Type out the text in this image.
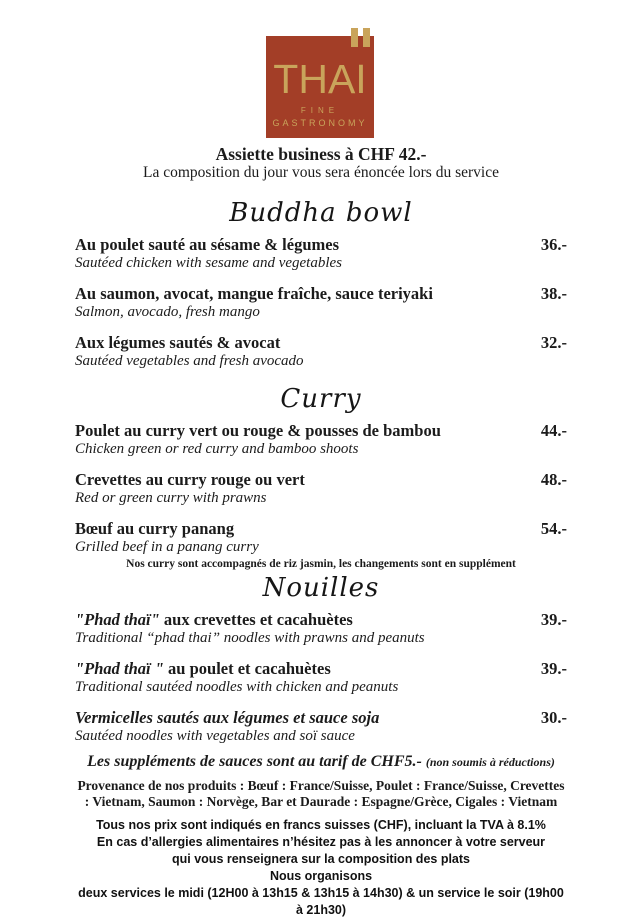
THAI
FINE
GASTRONOMY
Assiette business à CHF 42.-
La composition du jour vous sera énoncée lors du service
Buddha bowl
Au poulet sauté au sésame & légumes	36.-
Sautéed chicken with sesame and vegetables
Au saumon, avocat, mangue fraîche, sauce teriyaki	38.-
Salmon, avocado, fresh mango
Aux légumes sautés & avocat	32.-
Sautéed vegetables and fresh avocado
Curry
Poulet au curry vert ou rouge & pousses de bambou	44.-
Chicken green or red curry and bamboo shoots
Crevettes au curry rouge ou vert	48.-
Red or green curry with prawns
Bœuf au curry panang	54.-
Grilled beef in a panang curry
Nos curry sont accompagnés de riz jasmin, les changements sont en supplément
Nouilles
"Phad thaï" aux crevettes et cacahuètes	39.-
Traditional “phad thai” noodles with prawns and peanuts
"Phad thaï " au poulet et cacahuètes	39.-
Traditional sautéed noodles with chicken and peanuts
Vermicelles sautés aux légumes et sauce soja	30.-
Sautéed noodles with vegetables and soï sauce
Les suppléments de sauces sont au tarif de CHF5.- (non soumis à réductions)
Provenance de nos produits : Bœuf : France/Suisse, Poulet : France/Suisse, Crevettes : Vietnam, Saumon : Norvège, Bar et Daurade : Espagne/Grèce, Cigales : Vietnam
Tous nos prix sont indiqués en francs suisses (CHF), incluant la TVA à 8.1%
En cas d’allergies alimentaires n’hésitez pas à les annoncer à votre serveur
qui vous renseignera sur la composition des plats
Nous organisons
deux services le midi (12H00 à 13h15 & 13h15 à 14h30) & un service le soir (19h00 à 21h30)
